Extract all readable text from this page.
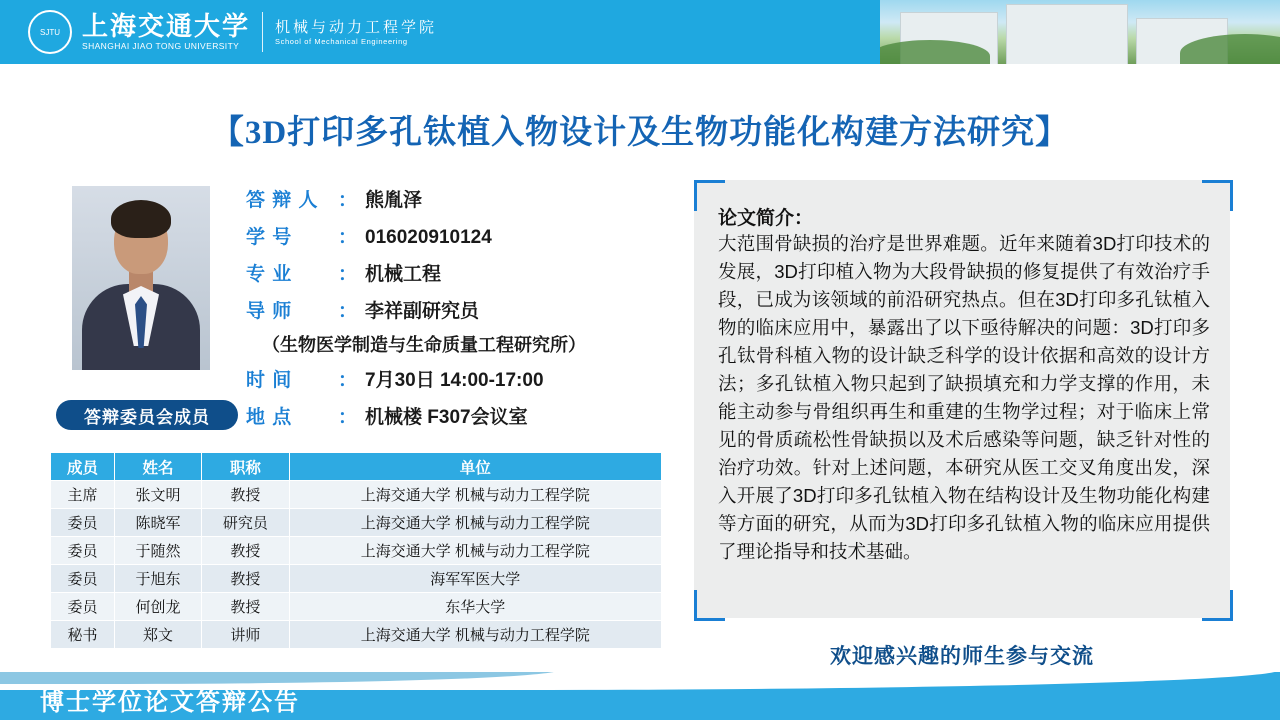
SJTU 上海交通大学
SHANGHAI JIAO TONG UNIVERSITY
机械与动力工程学院
School of Mechanical Engineering
【3D打印多孔钛植入物设计及生物功能化构建方法研究】
答 辩 人	： 熊胤泽
学 号	： 016020910124
专 业	： 机械工程
导 师	： 李祥副研究员
（生物医学制造与生命质量工程研究所）
时 间	： 7月30日 14:00-17:00
地 点	： 机械楼 F307会议室
答辩委员会成员
成员	姓名	职称	单位
主席	张文明	教授	上海交通大学 机械与动力工程学院
委员	陈晓军	研究员	上海交通大学 机械与动力工程学院
委员	于随然	教授	上海交通大学 机械与动力工程学院
委员	于旭东	教授	海军军医大学
委员	何创龙	教授	东华大学
秘书	郑文	讲师	上海交通大学 机械与动力工程学院
论文简介：
大范围骨缺损的治疗是世界难题。近年来随着3D打印技术的发展，3D打印植入物为大段骨缺损的修复提供了有效治疗手段，已成为该领域的前沿研究热点。但在3D打印多孔钛植入物的临床应用中，暴露出了以下亟待解决的问题：3D打印多孔钛骨科植入物的设计缺乏科学的设计依据和高效的设计方法；多孔钛植入物只起到了缺损填充和力学支撑的作用，未能主动参与骨组织再生和重建的生物学过程；对于临床上常见的骨质疏松性骨缺损以及术后感染等问题，缺乏针对性的治疗功效。针对上述问题，本研究从医工交叉角度出发，深入开展了3D打印多孔钛植入物在结构设计及生物功能化构建等方面的研究，从而为3D打印多孔钛植入物的临床应用提供了理论指导和技术基础。
欢迎感兴趣的师生参与交流
博士学位论文答辩公告
